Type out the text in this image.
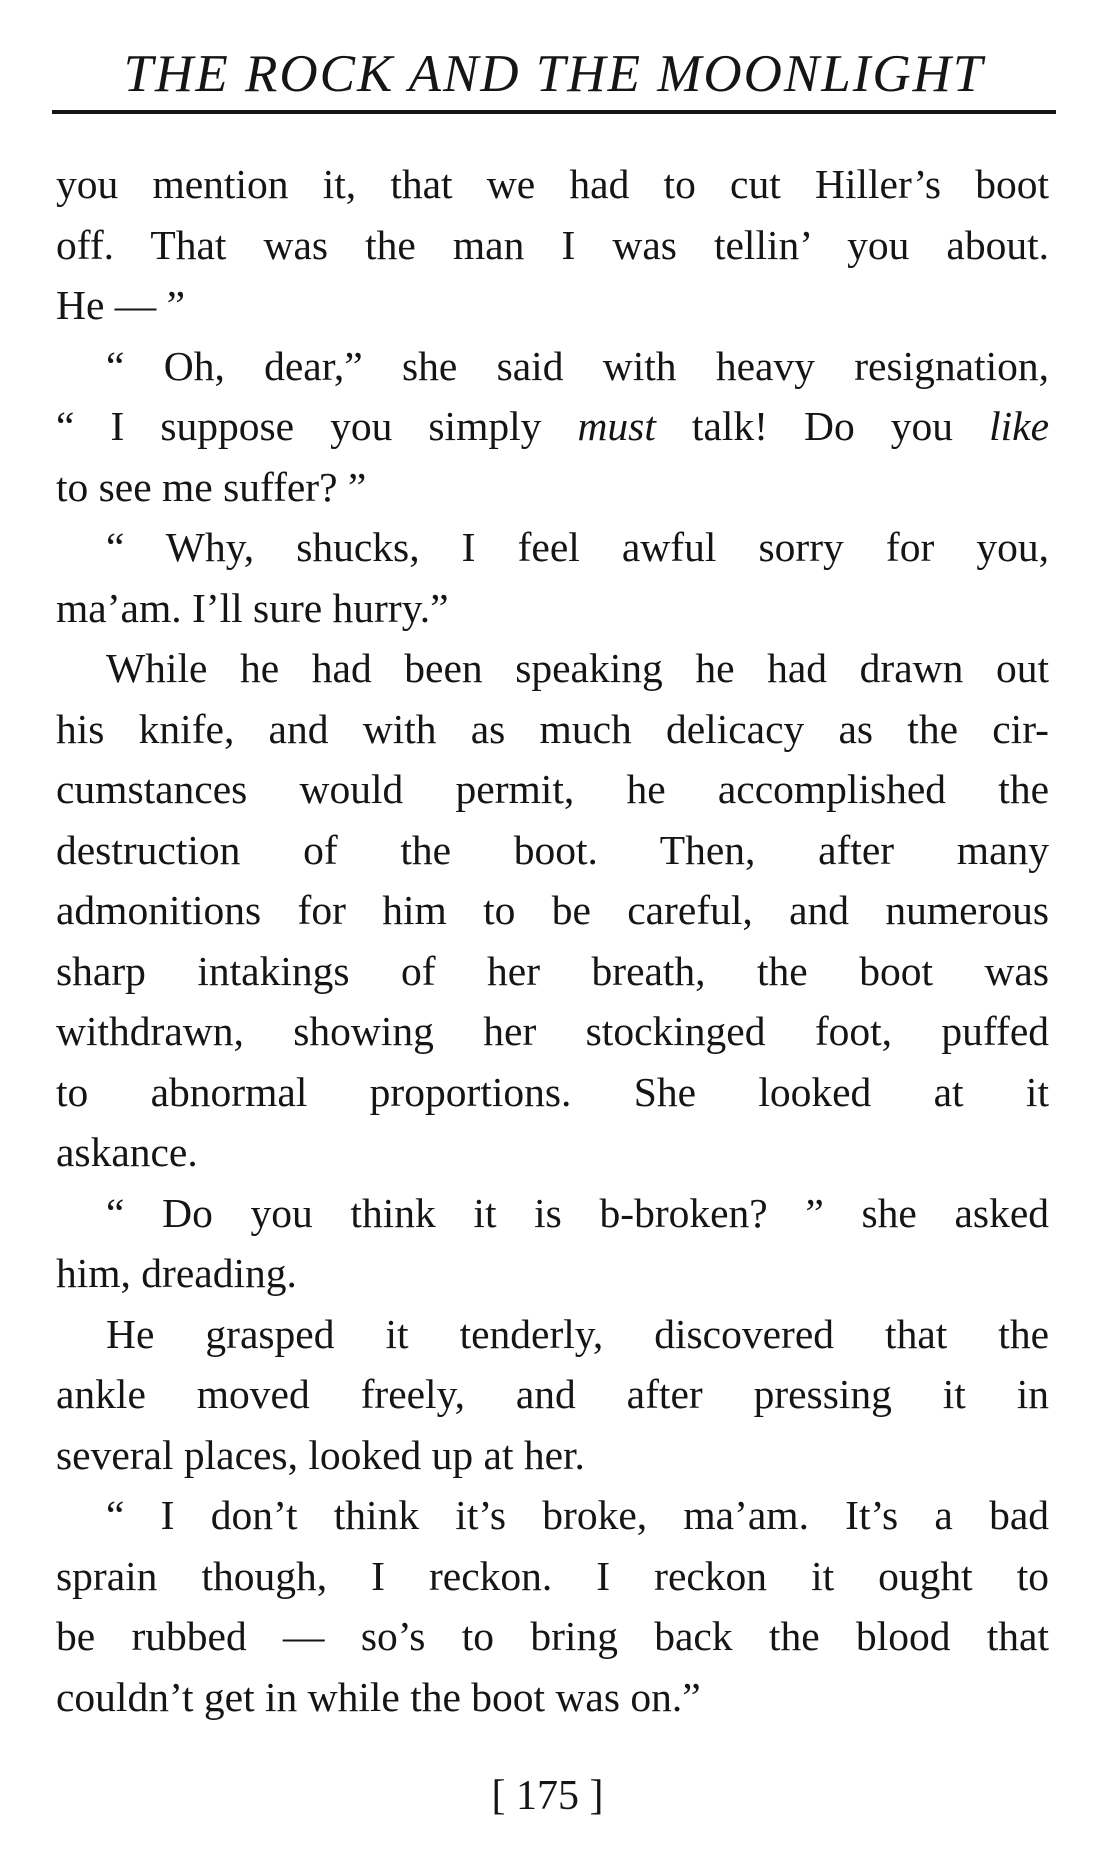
THE ROCK AND THE MOONLIGHT
you mention it, that we had to cut Hiller’s boot
off. That was the man I was tellin’ you about.
He — ”
“ Oh, dear,” she said with heavy resignation,
“ I suppose you simply must talk! Do you like
to see me suffer? ”
“ Why, shucks, I feel awful sorry for you,
ma’am. I’ll sure hurry.”
While he had been speaking he had drawn out
his knife, and with as much delicacy as the cir-
cumstances would permit, he accomplished the
destruction of the boot. Then, after many
admonitions for him to be careful, and numerous
sharp intakings of her breath, the boot was
withdrawn, showing her stockinged foot, puffed
to abnormal proportions. She looked at it
askance.
“ Do you think it is b-broken? ” she asked
him, dreading.
He grasped it tenderly, discovered that the
ankle moved freely, and after pressing it in
several places, looked up at her.
“ I don’t think it’s broke, ma’am. It’s a bad
sprain though, I reckon. I reckon it ought to
be rubbed — so’s to bring back the blood that
couldn’t get in while the boot was on.”
[ 175 ]
